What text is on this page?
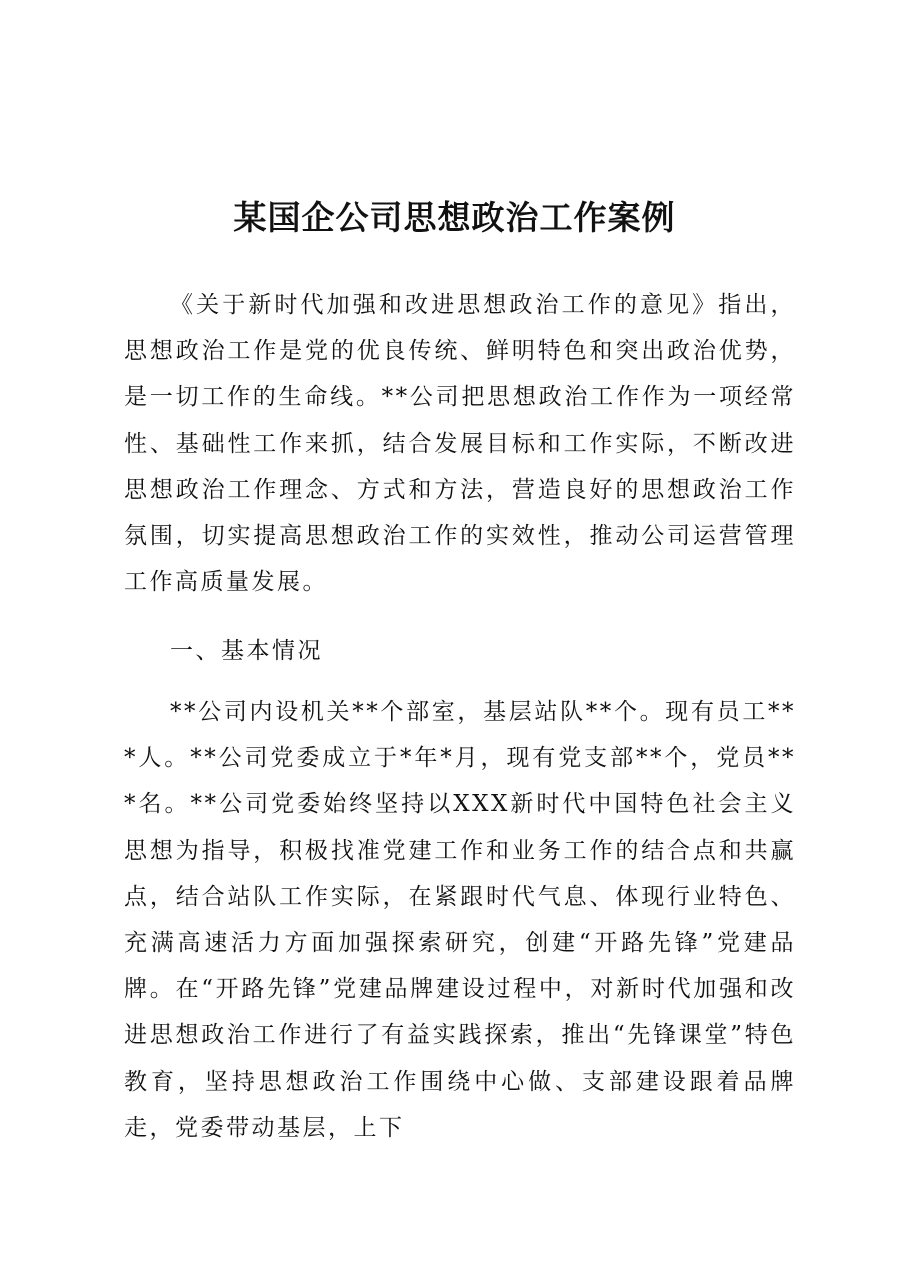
某国企公司思想政治工作案例

《关于新时代加强和改进思想政治工作的意见》指出，思想政治工作是党的优良传统、鲜明特色和突出政治优势，是一切工作的生命线。**公司把思想政治工作作为一项经常性、基础性工作来抓，结合发展目标和工作实际，不断改进思想政治工作理念、方式和方法，营造良好的思想政治工作氛围，切实提高思想政治工作的实效性，推动公司运营管理工作高质量发展。

一、基本情况

**公司内设机关**个部室，基层站队**个。现有员工***人。**公司党委成立于*年*月，现有党支部**个，党员***名。**公司党委始终坚持以XXX新时代中国特色社会主义思想为指导，积极找准党建工作和业务工作的结合点和共赢点，结合站队工作实际，在紧跟时代气息、体现行业特色、充满高速活力方面加强探索研究，创建“开路先锋”党建品牌。在“开路先锋”党建品牌建设过程中，对新时代加强和改进思想政治工作进行了有益实践探索，推出“先锋课堂”特色教育，坚持思想政治工作围绕中心做、支部建设跟着品牌走，党委带动基层，上下
